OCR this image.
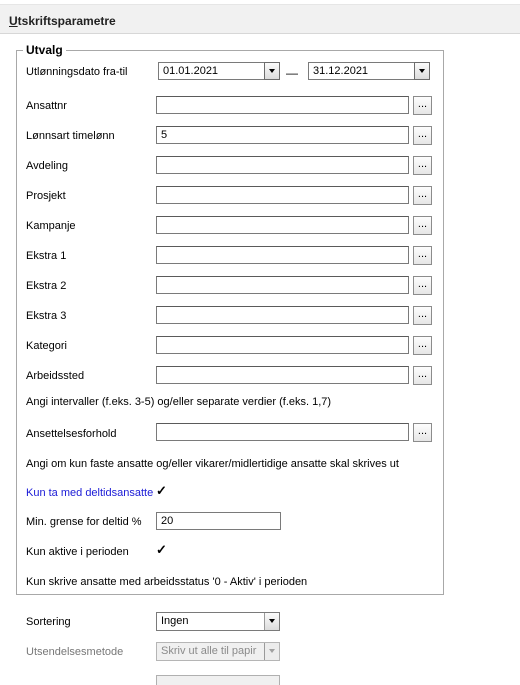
Utskriftsparametre
Utvalg
Utlønningsdato fra-til	01.01.2021	—	31.12.2021
Ansattnr	...
Lønnsart timelønn	5	...
Avdeling	...
Prosjekt	...
Kampanje	...
Ekstra 1	...
Ekstra 2	...
Ekstra 3	...
Kategori	...
Arbeidssted	...
Angi intervaller (f.eks. 3-5) og/eller separate verdier (f.eks. 1,7)
Ansettelsesforhold	...
Angi om kun faste ansatte og/eller vikarer/midlertidige ansatte skal skrives ut
Kun ta med deltidsansatte ✓
Min. grense for deltid %	20
Kun aktive i perioden ✓
Kun skrive ansatte med arbeidsstatus '0 - Aktiv' i perioden
Sortering	Ingen
Utsendelsesmetode	Skriv ut alle til papir
